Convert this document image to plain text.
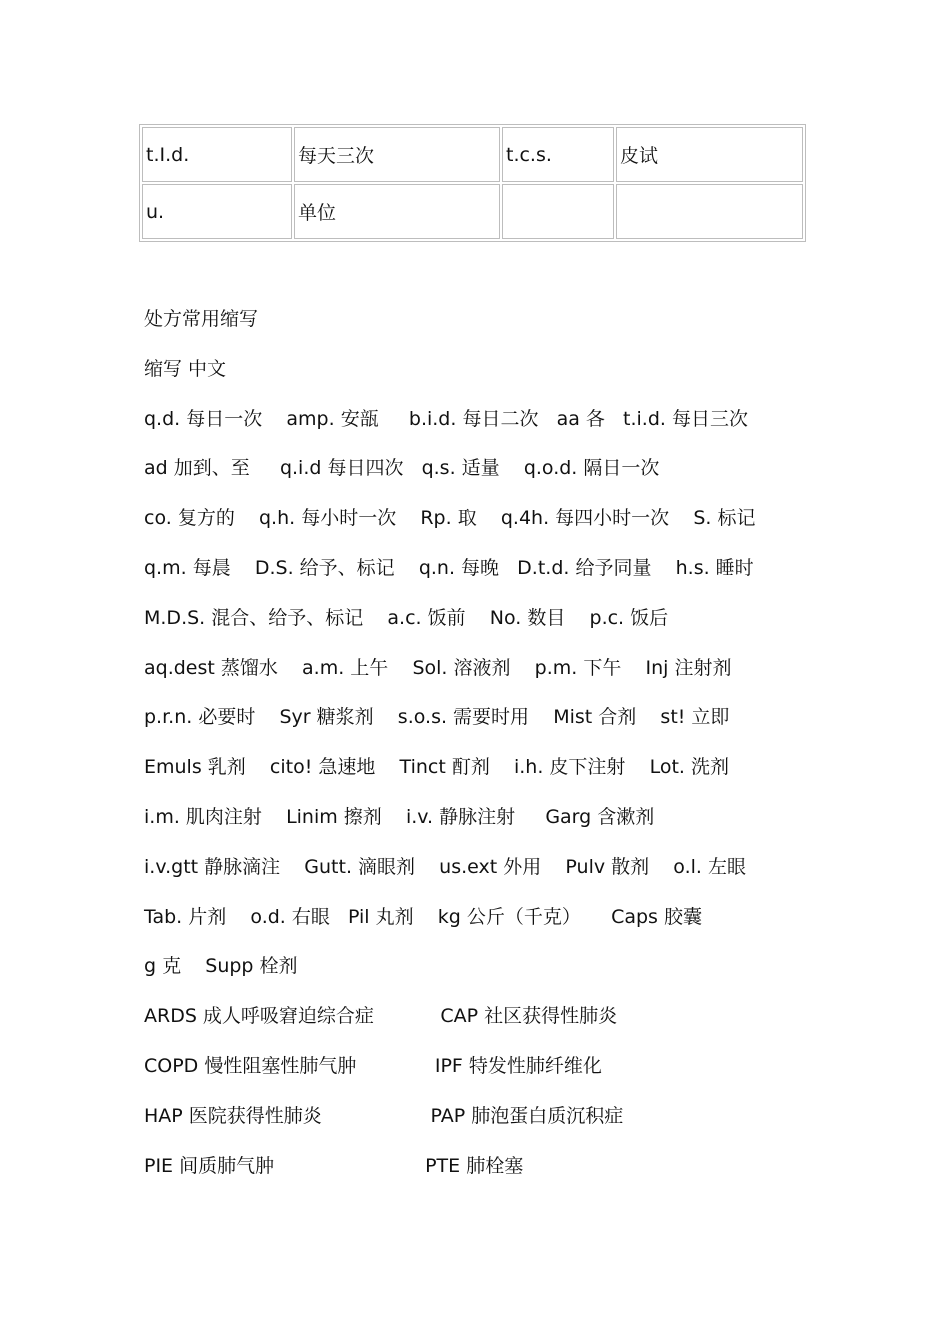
t.I.d.	每天三次	t.c.s.	皮试
u.	单位		
处方常用缩写
缩写 中文
q.d. 每日一次    amp. 安瓿     b.i.d. 每日二次   aa 各   t.i.d. 每日三次
ad 加到、至     q.i.d 每日四次   q.s. 适量    q.o.d. 隔日一次
co. 复方的    q.h. 每小时一次    Rp. 取    q.4h. 每四小时一次    S. 标记
q.m. 每晨    D.S. 给予、标记    q.n. 每晚   D.t.d. 给予同量    h.s. 睡时
M.D.S. 混合、给予、标记    a.c. 饭前    No. 数目    p.c. 饭后
aq.dest 蒸馏水    a.m. 上午    Sol. 溶液剂    p.m. 下午    Inj 注射剂
p.r.n. 必要时    Syr 糖浆剂    s.o.s. 需要时用    Mist 合剂    st! 立即
Emuls 乳剂    cito! 急速地    Tinct 酊剂    i.h. 皮下注射    Lot. 洗剂
i.m. 肌肉注射    Linim 擦剂    i.v. 静脉注射     Garg 含漱剂
i.v.gtt 静脉滴注    Gutt. 滴眼剂    us.ext 外用    Pulv 散剂    o.l. 左眼
Tab. 片剂    o.d. 右眼   Pil 丸剂    kg 公斤（千克）     Caps 胶囊
g 克    Supp 栓剂
ARDS 成人呼吸窘迫综合症           CAP 社区获得性肺炎
COPD 慢性阻塞性肺气肿             IPF 特发性肺纤维化
HAP 医院获得性肺炎                  PAP 肺泡蛋白质沉积症
PIE 间质肺气肿                         PTE 肺栓塞
